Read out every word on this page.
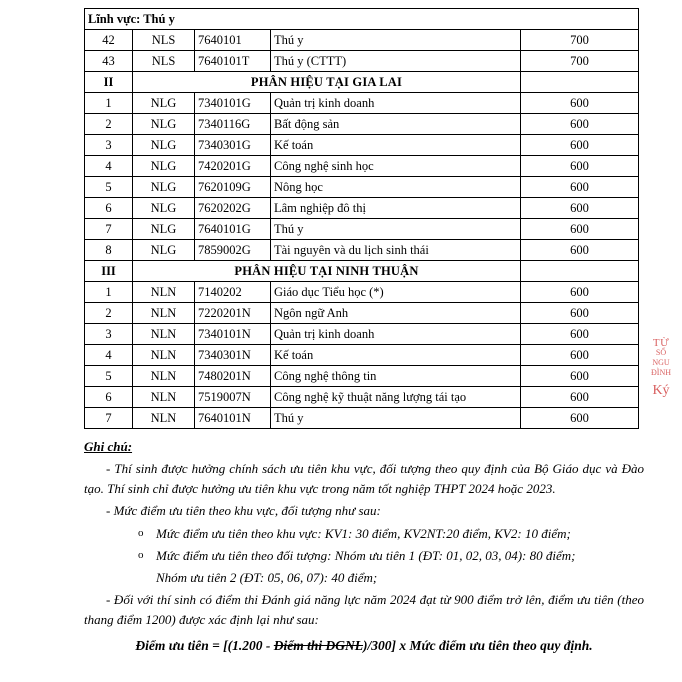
Lĩnh vực: Thú y				
42	NLS	7640101	Thú y	700
43	NLS	7640101T	Thú y (CTTT)	700
II	PHÂN HIỆU TẠI GIA LAI			
1	NLG	7340101G	Quản trị kinh doanh	600
2	NLG	7340116G	Bất động sản	600
3	NLG	7340301G	Kế toán	600
4	NLG	7420201G	Công nghệ sinh học	600
5	NLG	7620109G	Nông học	600
6	NLG	7620202G	Lâm nghiệp đô thị	600
7	NLG	7640101G	Thú y	600
8	NLG	7859002G	Tài nguyên và du lịch sinh thái	600
III	PHÂN HIỆU TẠI NINH THUẬN			
1	NLN	7140202	Giáo dục Tiểu học (*)	600
2	NLN	7220201N	Ngôn ngữ Anh	600
3	NLN	7340101N	Quản trị kinh doanh	600
4	NLN	7340301N	Kế toán	600
5	NLN	7480201N	Công nghệ thông tin	600
6	NLN	7519007N	Công nghệ kỹ thuật năng lượng tái tạo	600
7	NLN	7640101N	Thú y	600
Ghi chú:

- Thí sinh được hưởng chính sách ưu tiên khu vực, đối tượng theo quy định của Bộ Giáo dục và Đào tạo. Thí sinh chỉ được hưởng ưu tiên khu vực trong năm tốt nghiệp THPT 2024 hoặc 2023.

- Mức điểm ưu tiên theo khu vực, đối tượng như sau:

o Mức điểm ưu tiên theo khu vực: KV1: 30 điểm, KV2NT:20 điểm, KV2: 10 điểm;

o Mức điểm ưu tiên theo đối tượng: Nhóm ưu tiên 1 (ĐT: 01, 02, 03, 04): 80 điểm;

Nhóm ưu tiên 2 (ĐT: 05, 06, 07): 40 điểm;

- Đối với thí sinh có điểm thi Đánh giá năng lực năm 2024 đạt từ 900 điểm trở lên, điểm ưu tiên (theo thang điểm 1200) được xác định lại như sau:

Điểm ưu tiên = [(1.200 - Điểm thi ĐGNL)/300] x Mức điểm ưu tiên theo quy định.
TỪ
SỐ
NGU
ĐÌNH
Ký
